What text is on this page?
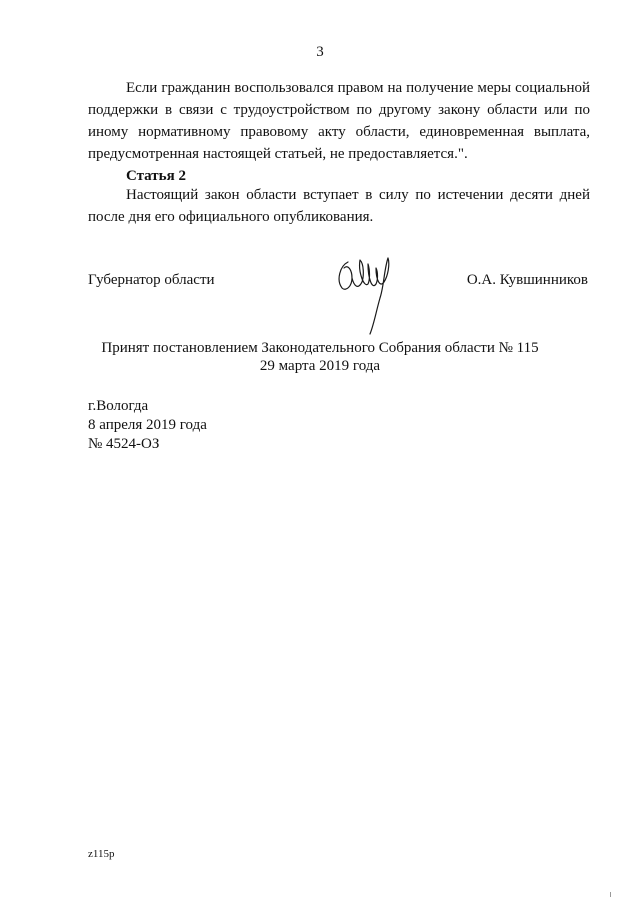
3

Если гражданин воспользовался правом на получение меры социальной поддержки в связи с трудоустройством по другому закону области или по иному нормативному правовому акту области, единовременная выплата, предусмотренная настоящей статьей, не предоставляется.".

Статья 2

Настоящий закон области вступает в силу по истечении десяти дней после дня его официального опубликования.

Губернатор области	О.А. Кувшинников
Принят постановлением Законодательного Собрания области № 115
29 марта 2019 года
г.Вологда
8 апреля 2019 года
№ 4524-ОЗ
z115p
